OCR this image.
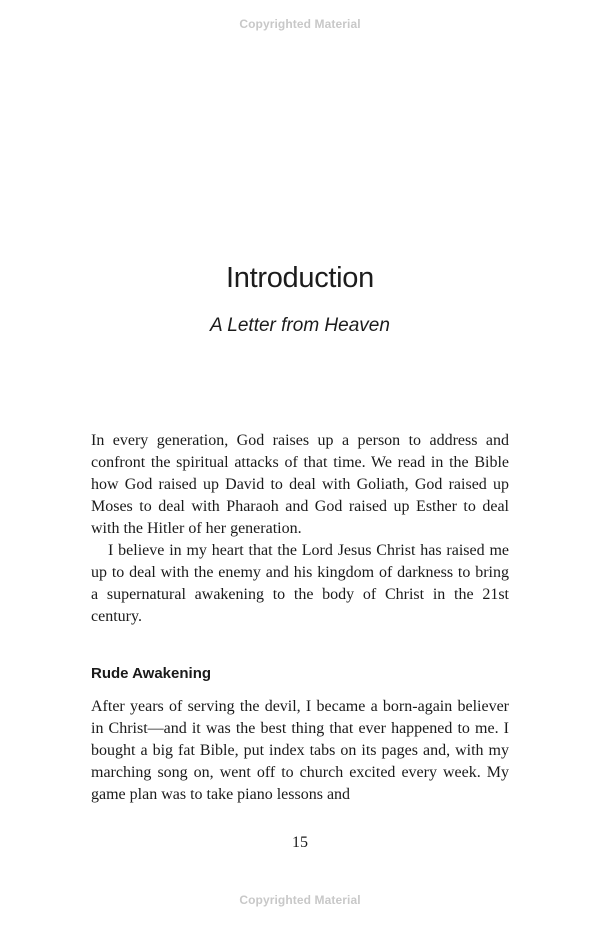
Copyrighted Material
Introduction
A Letter from Heaven

In every generation, God raises up a person to address and confront the spiritual attacks of that time. We read in the Bible how God raised up David to deal with Goliath, God raised up Moses to deal with Pharaoh and God raised up Esther to deal with the Hitler of her generation.

I believe in my heart that the Lord Jesus Christ has raised me up to deal with the enemy and his kingdom of darkness to bring a supernatural awakening to the body of Christ in the 21st century.

Rude Awakening

After years of serving the devil, I became a born-again believer in Christ—and it was the best thing that ever happened to me. I bought a big fat Bible, put index tabs on its pages and, with my marching song on, went off to church excited every week. My game plan was to take piano lessons and

15
Copyrighted Material
